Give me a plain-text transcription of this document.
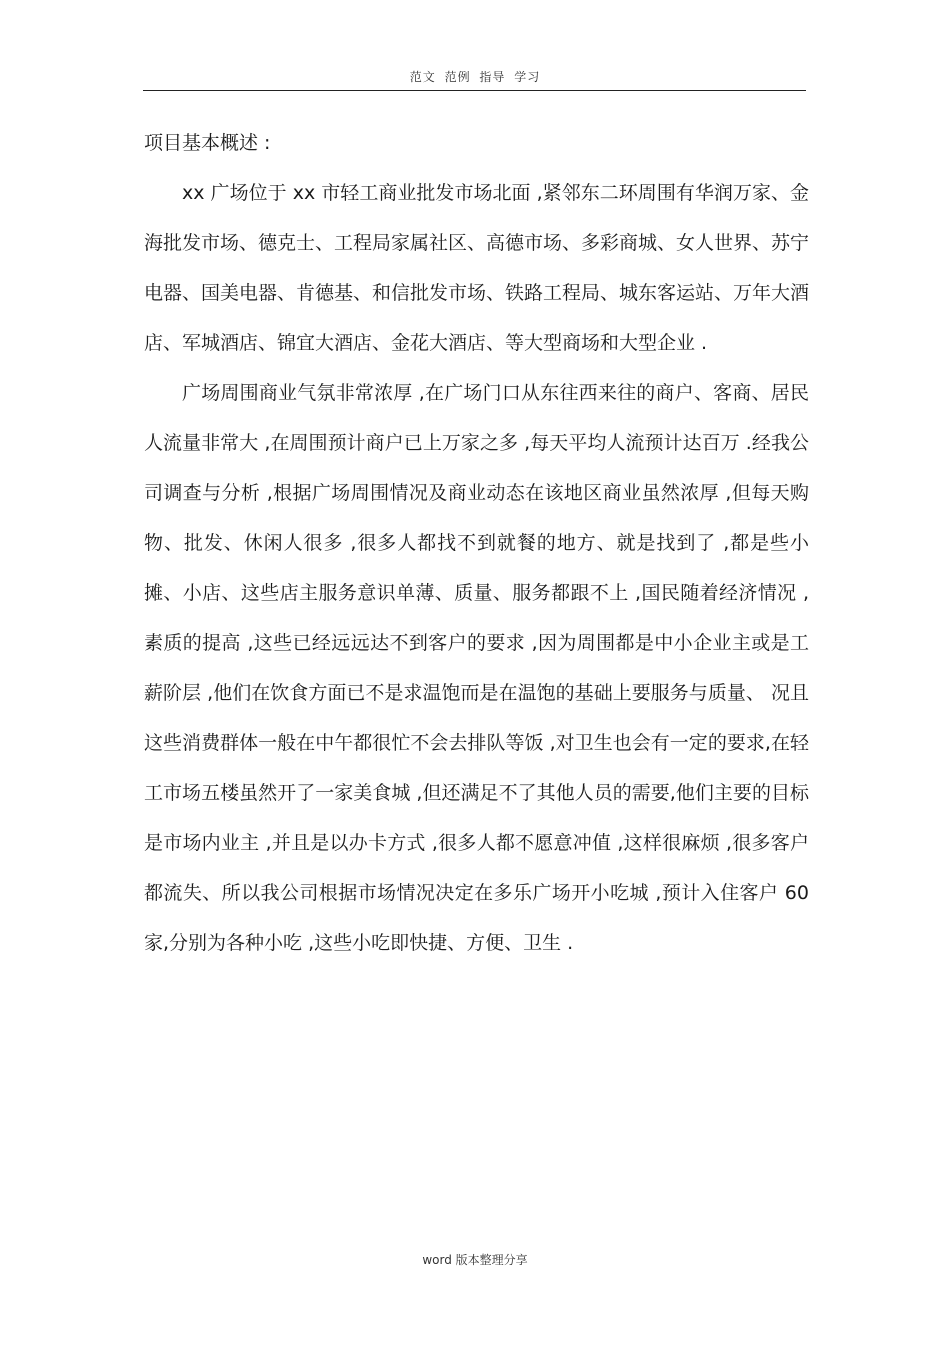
范文 范例 指导 学习
项目基本概述 :

xx 广场位于 xx 市轻工商业批发市场北面 ,紧邻东二环周围有华润万家、金海批发市场、德克士、工程局家属社区、高德市场、多彩商城、女人世界、苏宁电器、国美电器、肯德基、和信批发市场、铁路工程局、城东客运站、万年大酒店、军城酒店、锦宜大酒店、金花大酒店、等大型商场和大型企业 .

广场周围商业气氛非常浓厚 ,在广场门口从东往西来往的商户、客商、居民人流量非常大 ,在周围预计商户已上万家之多 ,每天平均人流预计达百万 .经我公司调查与分析 ,根据广场周围情况及商业动态在该地区商业虽然浓厚 ,但每天购物、批发、休闲人很多 ,很多人都找不到就餐的地方、就是找到了 ,都是些小摊、小店、这些店主服务意识单薄、质量、服务都跟不上 ,国民随着经济情况 ,素质的提高 ,这些已经远远达不到客户的要求 ,因为周围都是中小企业主或是工薪阶层 ,他们在饮食方面已不是求温饱而是在温饱的基础上要服务与质量、 况且这些消费群体一般在中午都很忙不会去排队等饭 ,对卫生也会有一定的要求,在轻工市场五楼虽然开了一家美食城 ,但还满足不了其他人员的需要,他们主要的目标是市场内业主 ,并且是以办卡方式 ,很多人都不愿意冲值 ,这样很麻烦 ,很多客户都流失、所以我公司根据市场情况决定在多乐广场开小吃城 ,预计入住客户 60 家,分别为各种小吃 ,这些小吃即快捷、方便、卫生 .

word 版本整理分享
